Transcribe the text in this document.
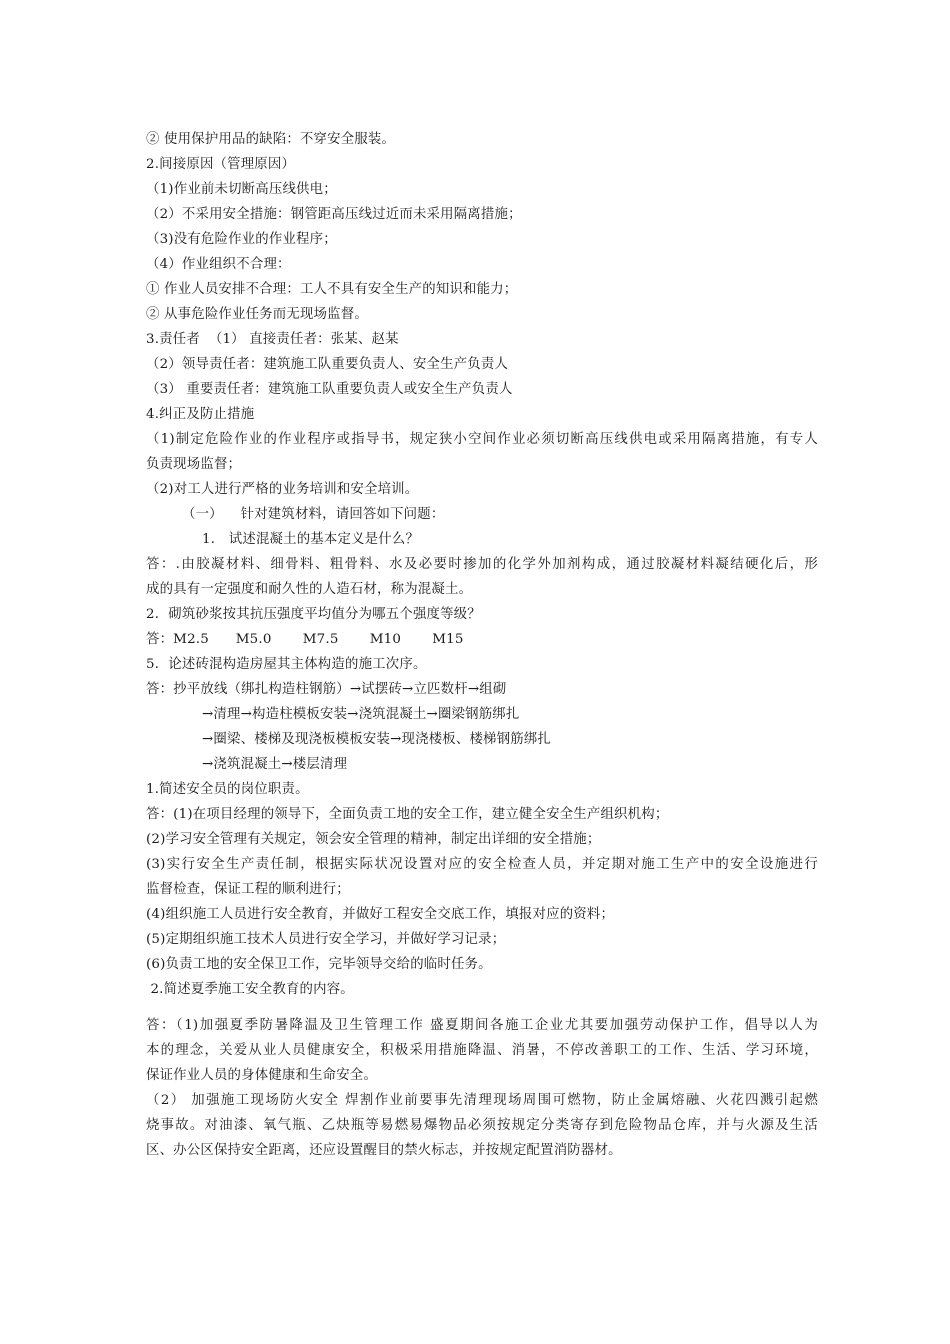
② 使用保护用品的缺陷：不穿安全服装。
2.间接原因（管理原因）
（1)作业前未切断高压线供电；
（2）不采用安全措施：钢管距高压线过近而未采用隔离措施；
（3)没有危险作业的作业程序；
（4）作业组织不合理：
① 作业人员安排不合理：工人不具有安全生产的知识和能力；
② 从事危险作业任务而无现场监督。
3.责任者  （1） 直接责任者：张某、赵某
（2）领导责任者：建筑施工队重要负责人、安全生产负责人
（3） 重要责任者：建筑施工队重要负责人或安全生产负责人
4.纠正及防止措施
（1)制定危险作业的作业程序或指导书，规定狭小空间作业必须切断高压线供电或采用隔离措施，有专人
负责现场监督；
（2)对工人进行严格的业务培训和安全培训。
（一）    针对建筑材料，请回答如下问题：
1． 试述混凝土的基本定义是什么？
答：.由胶凝材料、细骨料、粗骨料、水及必要时掺加的化学外加剂构成，通过胶凝材料凝结硬化后，形
成的具有一定强度和耐久性的人造石材，称为混凝土。
2．砌筑砂浆按其抗压强度平均值分为哪五个强度等级？
答：M2.5      M5.0       M7.5       M10       M15
5．论述砖混构造房屋其主体构造的施工次序。
答：抄平放线（绑扎构造柱钢筋）→试摆砖→立匹数杆→组砌
→清理→构造柱模板安装→浇筑混凝土→圈梁钢筋绑扎
→圈梁、楼梯及现浇板模板安装→现浇楼板、楼梯钢筋绑扎
→浇筑混凝土→楼层清理
1.简述安全员的岗位职责。
答：(1)在项目经理的领导下，全面负责工地的安全工作，建立健全安全生产组织机构；
(2)学习安全管理有关规定，领会安全管理的精神，制定出详细的安全措施；
(3)实行安全生产责任制，根据实际状况设置对应的安全检查人员，并定期对施工生产中的安全设施进行
监督检查，保证工程的顺利进行；
(4)组织施工人员进行安全教育，并做好工程安全交底工作，填报对应的资料；
(5)定期组织施工技术人员进行安全学习，并做好学习记录；
(6)负责工地的安全保卫工作，完毕领导交给的临时任务。
2.简述夏季施工安全教育的内容。
答：（1)加强夏季防暑降温及卫生管理工作 盛夏期间各施工企业尤其要加强劳动保护工作，倡导以人为
本的理念，关爱从业人员健康安全，积极采用措施降温、消暑，不停改善职工的工作、生活、学习环境，
保证作业人员的身体健康和生命安全。
（2） 加强施工现场防火安全 焊割作业前要事先清理现场周围可燃物，防止金属熔融、火花四溅引起燃
烧事故。对油漆、氧气瓶、乙炔瓶等易燃易爆物品必须按规定分类寄存到危险物品仓库，并与火源及生活
区、办公区保持安全距离，还应设置醒目的禁火标志，并按规定配置消防器材。
